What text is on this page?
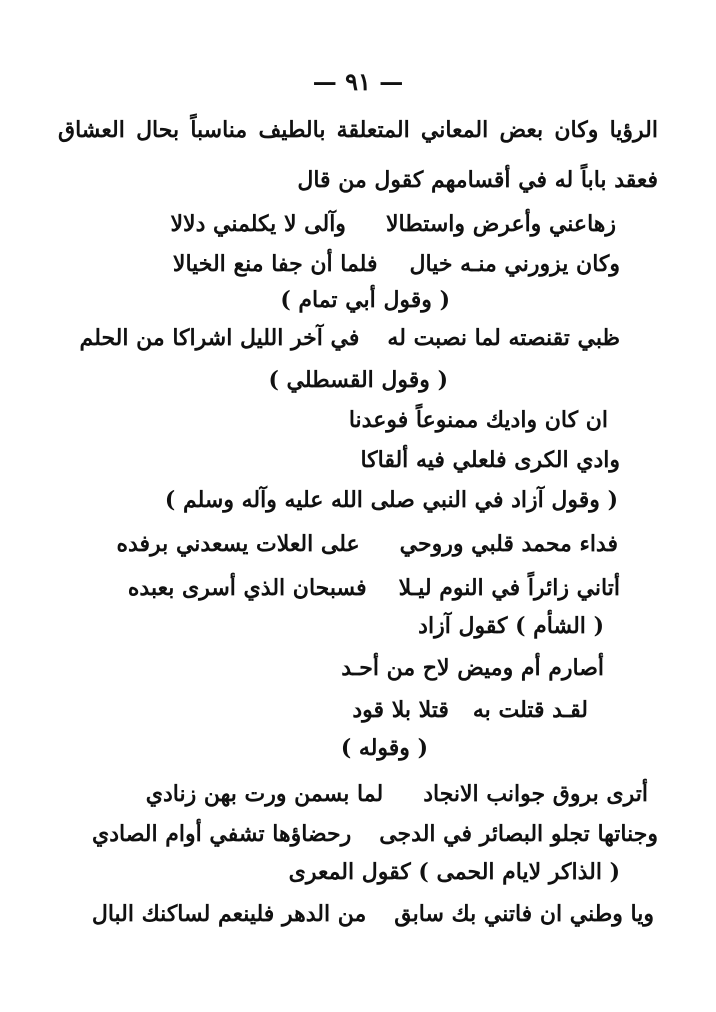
— ٩١ —
الرؤيا وكان بعض المعاني المتعلقة بالطيف مناسباً بحال العشاق
فعقد باباً له في أقسامهم كقول من قال
زهاعني وأعرض واستطالاوآلى لا يكلمني دلالا
وكان يزورني منـه خيالفلما أن جفا منع الخيالا
( وقول أبي تمام )
ظبي تقنصته لما نصبت لهفي آخر الليل اشراكا من الحلم
( وقول القسطلي )
ان كان واديك ممنوعاً فوعدنا
وادي الكرى فلعلي فيه ألقاكا
( وقول آزاد في النبي صلى الله عليه وآله وسلم )
فداء محمد قلبي وروحيعلى العلات يسعدني برفده
أتاني زائراً في النوم ليـلافسبحان الذي أسرى بعبده
( الشأم ) كقول آزاد
أصارم أم وميض لاح من أحـد
لقـد قتلت بهقتلا بلا قود
( وقوله )
أترى بروق جوانب الانجادلما بسمن ورت بهن زنادي
وجناتها تجلو البصائر في الدجىرحضاؤها تشفي أوام الصادي
( الذاكر لايام الحمى ) كقول المعرى
ويا وطني ان فاتني بك سابقمن الدهر فلينعم لساكنك البال
